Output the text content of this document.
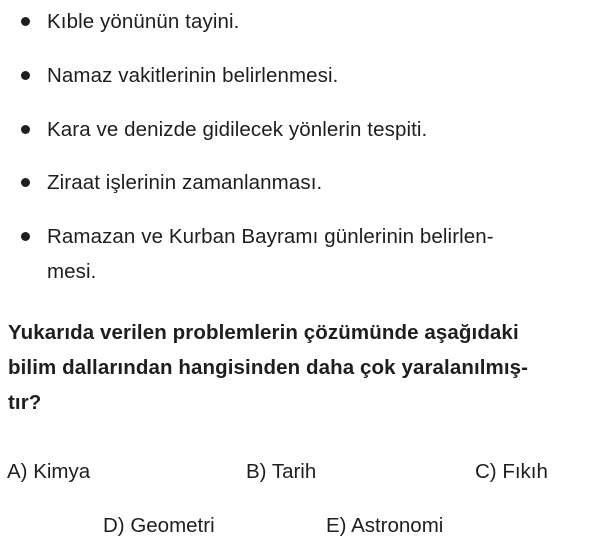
Kıble yönünün tayini.
Namaz vakitlerinin belirlenmesi.
Kara ve denizde gidilecek yönlerin tespiti.
Ziraat işlerinin zamanlanması.
Ramazan ve Kurban Bayramı günlerinin belirlen-
mesi.
Yukarıda verilen problemlerin çözümünde aşağıdaki
bilim dallarından hangisinden daha çok yaralanılmış-
tır?
A) Kimya	B) Tarih	C) Fıkıh
D) Geometri	E) Astronomi
